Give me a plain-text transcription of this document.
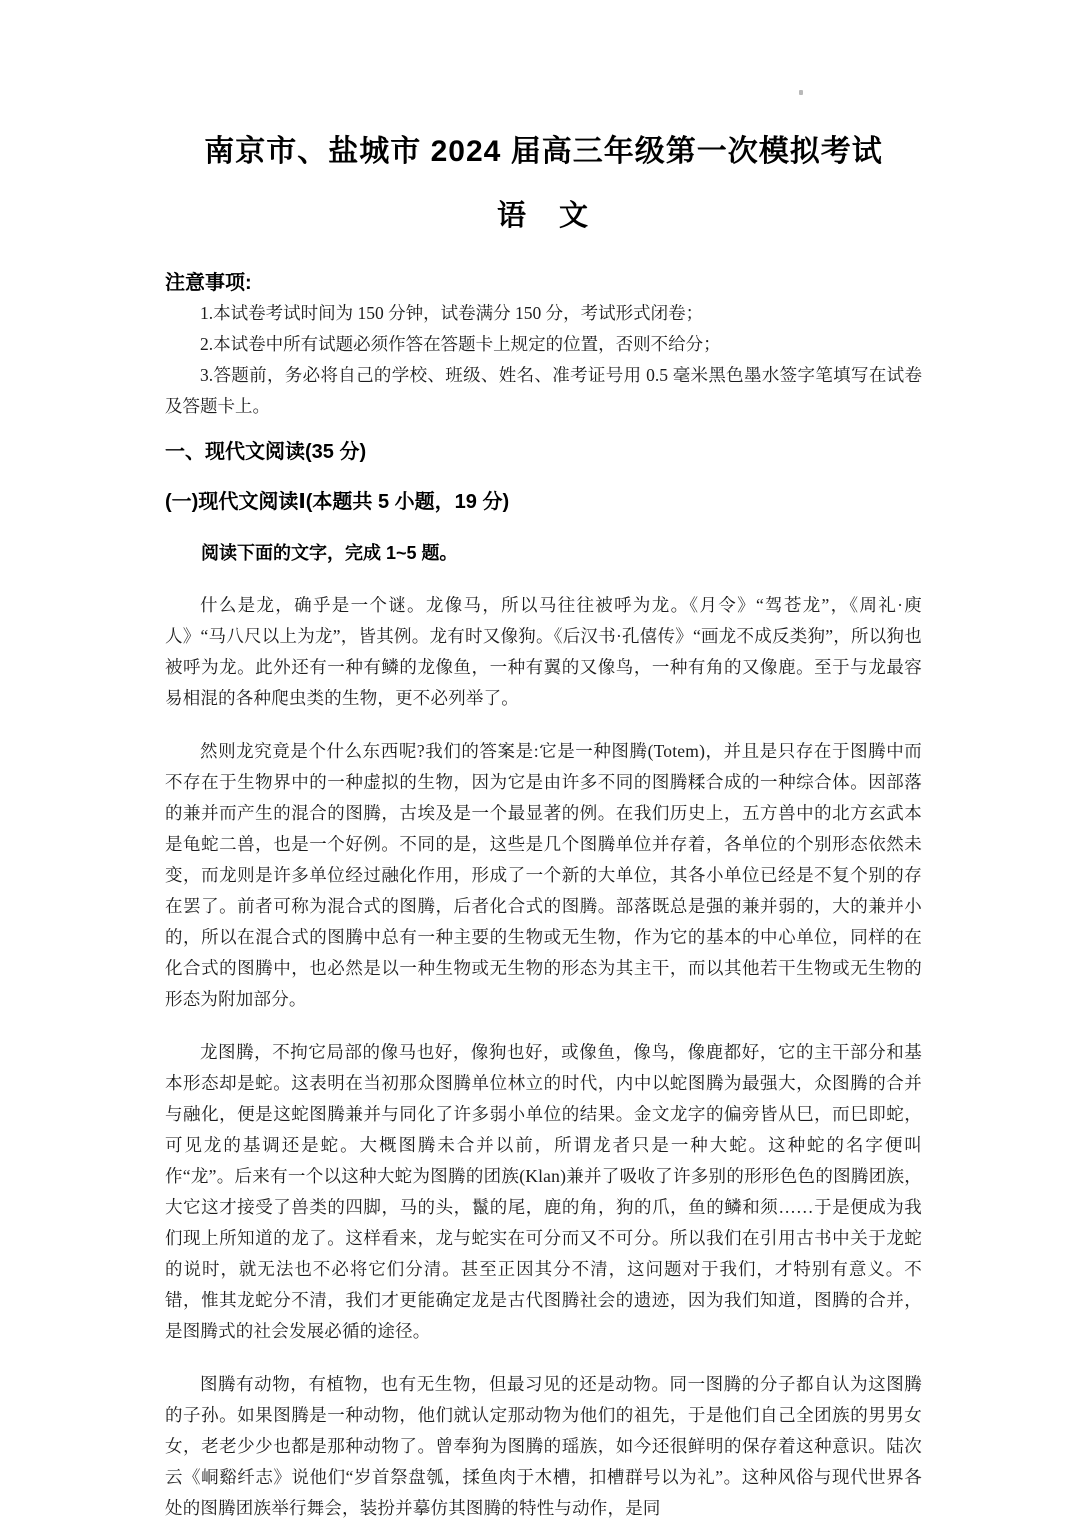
南京市、盐城市 2024 届高三年级第一次模拟考试
语　文
注意事项:

1.本试卷考试时间为 150 分钟，试卷满分 150 分，考试形式闭卷；

2.本试卷中所有试题必须作答在答题卡上规定的位置，否则不给分；

3.答题前，务必将自己的学校、班级、姓名、准考证号用 0.5 毫米黑色墨水签字笔填写在试卷及答题卡上。

一、现代文阅读(35 分)
(一)现代文阅读Ⅰ(本题共 5 小题，19 分)

阅读下面的文字，完成 1~5 题。

什么是龙，确乎是一个谜。龙像马，所以马往往被呼为龙。《月令》“驾苍龙”，《周礼·庾人》“马八尺以上为龙”，皆其例。龙有时又像狗。《后汉书·孔僖传》“画龙不成反类狗”，所以狗也被呼为龙。此外还有一种有鳞的龙像鱼，一种有翼的又像鸟，一种有角的又像鹿。至于与龙最容易相混的各种爬虫类的生物，更不必列举了。

然则龙究竟是个什么东西呢?我们的答案是:它是一种图腾(Totem)，并且是只存在于图腾中而不存在于生物界中的一种虚拟的生物，因为它是由许多不同的图腾糅合成的一种综合体。因部落的兼并而产生的混合的图腾，古埃及是一个最显著的例。在我们历史上，五方兽中的北方玄武本是龟蛇二兽，也是一个好例。不同的是，这些是几个图腾单位并存着，各单位的个别形态依然未变，而龙则是许多单位经过融化作用，形成了一个新的大单位，其各小单位已经是不复个别的存在罢了。前者可称为混合式的图腾，后者化合式的图腾。部落既总是强的兼并弱的，大的兼并小的，所以在混合式的图腾中总有一种主要的生物或无生物，作为它的基本的中心单位，同样的在化合式的图腾中，也必然是以一种生物或无生物的形态为其主干，而以其他若干生物或无生物的形态为附加部分。

龙图腾，不拘它局部的像马也好，像狗也好，或像鱼，像鸟，像鹿都好，它的主干部分和基本形态却是蛇。这表明在当初那众图腾单位林立的时代，内中以蛇图腾为最强大，众图腾的合并与融化，便是这蛇图腾兼并与同化了许多弱小单位的结果。金文龙字的偏旁皆从巳，而巳即蛇，可见龙的基调还是蛇。大概图腾未合并以前，所谓龙者只是一种大蛇。这种蛇的名字便叫作“龙”。后来有一个以这种大蛇为图腾的团族(Klan)兼并了吸收了许多别的形形色色的图腾团族，大它这才接受了兽类的四脚，马的头，鬣的尾，鹿的角，狗的爪，鱼的鳞和须……于是便成为我们现上所知道的龙了。这样看来，龙与蛇实在可分而又不可分。所以我们在引用古书中关于龙蛇的说时，就无法也不必将它们分清。甚至正因其分不清，这问题对于我们，才特别有意义。不错，惟其龙蛇分不清，我们才更能确定龙是古代图腾社会的遗迹，因为我们知道，图腾的合并，是图腾式的社会发展必循的途径。

图腾有动物，有植物，也有无生物，但最习见的还是动物。同一图腾的分子都自认为这图腾的子孙。如果图腾是一种动物，他们就认定那动物为他们的祖先，于是他们自己全团族的男男女女，老老少少也都是那种动物了。曾奉狗为图腾的瑶族，如今还很鲜明的保存着这种意识。陆次云《峒谿纤志》说他们“岁首祭盘瓠，揉鱼肉于木槽，扣槽群号以为礼”。这种风俗与现代世界各处的图腾团族举行舞会，装扮并摹仿其图腾的特性与动作，是同
